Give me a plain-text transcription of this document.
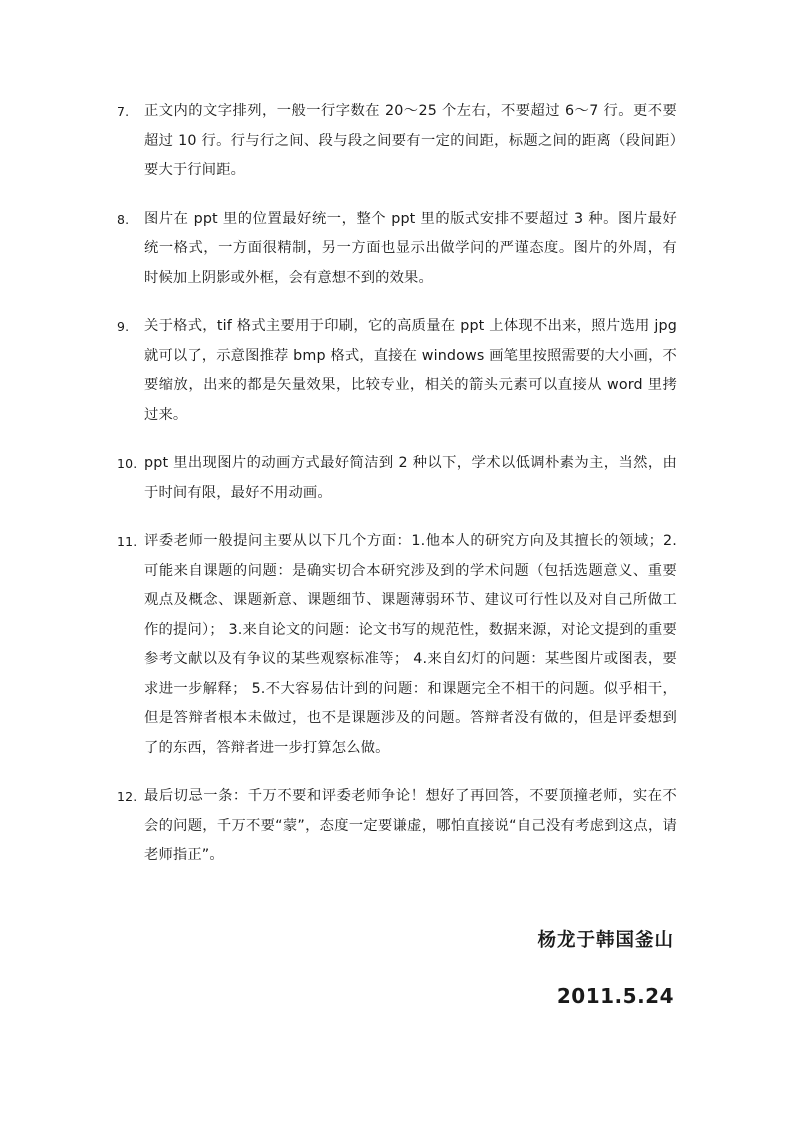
7. 正文内的文字排列，一般一行字数在 20～25 个左右，不要超过 6～7 行。更不要超过 10 行。行与行之间、段与段之间要有一定的间距，标题之间的距离（段间距）要大于行间距。
8. 图片在 ppt 里的位置最好统一，整个 ppt 里的版式安排不要超过 3 种。图片最好统一格式，一方面很精制，另一方面也显示出做学问的严谨态度。图片的外周，有时候加上阴影或外框，会有意想不到的效果。
9. 关于格式，tif 格式主要用于印刷，它的高质量在 ppt 上体现不出来，照片选用 jpg 就可以了，示意图推荐 bmp 格式，直接在 windows 画笔里按照需要的大小画，不要缩放，出来的都是矢量效果，比较专业，相关的箭头元素可以直接从 word 里拷过来。
10. ppt 里出现图片的动画方式最好简洁到 2 种以下，学术以低调朴素为主，当然，由于时间有限，最好不用动画。
11. 评委老师一般提问主要从以下几个方面：1.他本人的研究方向及其擅长的领域；2.可能来自课题的问题：是确实切合本研究涉及到的学术问题（包括选题意义、重要观点及概念、课题新意、课题细节、课题薄弱环节、建议可行性以及对自己所做工作的提问）； 3.来自论文的问题：论文书写的规范性，数据来源，对论文提到的重要参考文献以及有争议的某些观察标准等； 4.来自幻灯的问题：某些图片或图表，要求进一步解释； 5.不大容易估计到的问题：和课题完全不相干的问题。似乎相干，但是答辩者根本未做过，也不是课题涉及的问题。答辩者没有做的，但是评委想到了的东西，答辩者进一步打算怎么做。
12. 最后切忌一条：千万不要和评委老师争论！想好了再回答，不要顶撞老师，实在不会的问题，千万不要“蒙”，态度一定要谦虚，哪怕直接说“自己没有考虑到这点，请老师指正”。
杨龙于韩国釜山
2011.5.24
